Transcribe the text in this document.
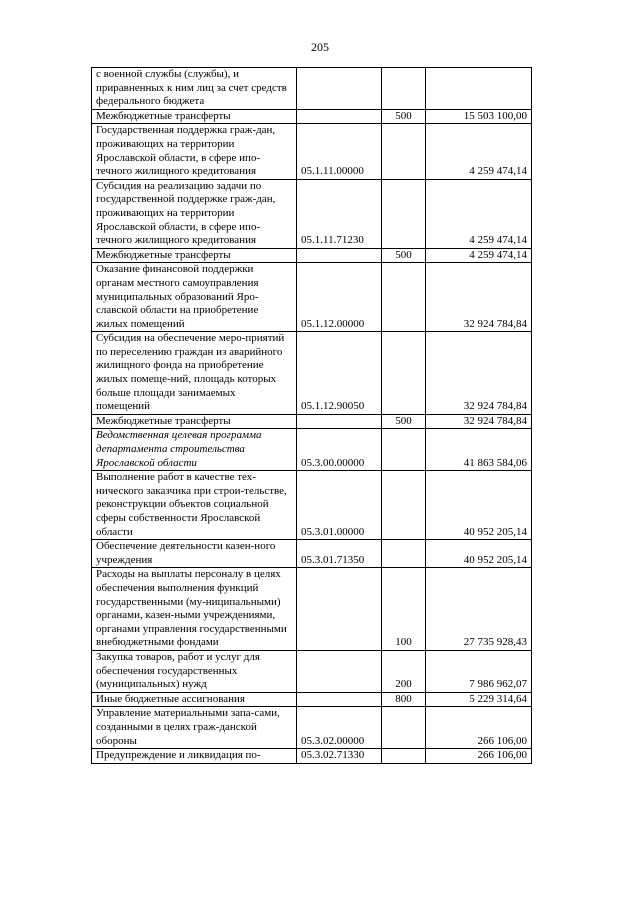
205
с военной службы (службы), и приравненных к ним лиц за счет средств федерального бюджета			
Межбюджетные трансферты		500	15 503 100,00
Государственная поддержка граж-дан, проживающих на территории Ярославской области, в сфере ипо-течного жилищного кредитования	05.1.11.00000		4 259 474,14
Субсидия на реализацию задачи по государственной поддержке граж-дан, проживающих на территории Ярославской области, в сфере ипо-течного жилищного кредитования	05.1.11.71230		4 259 474,14
Межбюджетные трансферты		500	4 259 474,14
Оказание финансовой поддержки органам местного самоуправления муниципальных образований Яро-славской области на приобретение жилых помещений	05.1.12.00000		32 924 784,84
Субсидия на обеспечение меро-приятий по переселению граждан из аварийного жилищного фонда на приобретение жилых помеще-ний, площадь которых больше площади занимаемых помещений	05.1.12.90050		32 924 784,84
Межбюджетные трансферты		500	32 924 784,84
Ведомственная целевая программа департамента строительства Ярославской области	05.3.00.00000		41 863 584,06
Выполнение работ в качестве тех-нического заказчика при строи-тельстве, реконструкции объектов социальной сферы собственности Ярославской области	05.3.01.00000		40 952 205,14
Обеспечение деятельности казен-ного учреждения	05.3.01.71350		40 952 205,14
Расходы на выплаты персоналу в целях обеспечения выполнения функций государственными (му-ниципальными) органами, казен-ными учреждениями, органами управления государственными внебюджетными фондами		100	27 735 928,43
Закупка товаров, работ и услуг для обеспечения государственных (муниципальных) нужд		200	7 986 962,07
Иные бюджетные ассигнования		800	5 229 314,64
Управление материальными запа-сами, созданными в целях граж-данской обороны	05.3.02.00000		266 106,00
Предупреждение и ликвидация по-	05.3.02.71330		266 106,00
